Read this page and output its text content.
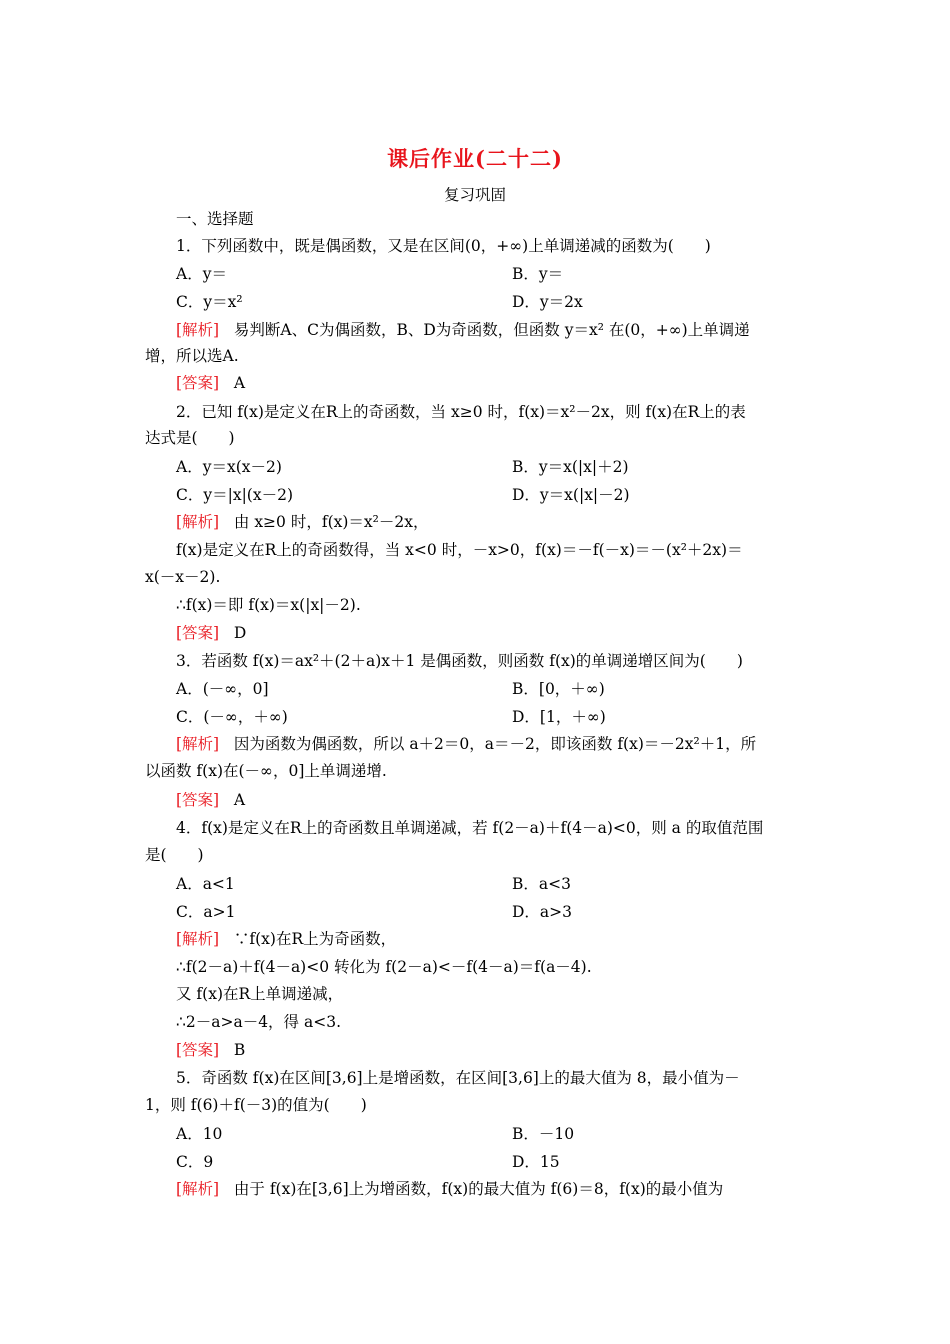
课后作业(二十二)
复习巩固
一、选择题
1．下列函数中，既是偶函数，又是在区间(0，+∞)上单调递减的函数为(　　)
A．y＝	B．y＝
C．y＝x²	D．y＝2x
[解析] 易判断A、C为偶函数，B、D为奇函数，但函数 y＝x² 在(0，+∞)上单调递
增，所以选A.
[答案] A
2．已知 f(x)是定义在R上的奇函数，当 x≥0 时，f(x)＝x²－2x，则 f(x)在R上的表
达式是(　　)
A．y＝x(x－2)	B．y＝x(|x|＋2)
C．y＝|x|(x－2)	D．y＝x(|x|－2)
[解析] 由 x≥0 时，f(x)＝x²－2x，
f(x)是定义在R上的奇函数得，当 x<0 时，－x>0，f(x)＝－f(－x)＝－(x²＋2x)＝
x(－x－2).
∴f(x)＝即 f(x)＝x(|x|－2).
[答案] D
3．若函数 f(x)＝ax²＋(2＋a)x＋1 是偶函数，则函数 f(x)的单调递增区间为(　　)
A．(－∞，0]	B．[0，＋∞)
C．(－∞，＋∞)	D．[1，＋∞)
[解析] 因为函数为偶函数，所以 a＋2＝0，a＝－2，即该函数 f(x)＝－2x²＋1，所
以函数 f(x)在(－∞，0]上单调递增.
[答案] A
4．f(x)是定义在R上的奇函数且单调递减，若 f(2－a)＋f(4－a)<0，则 a 的取值范围
是(　　)
A．a<1	B．a<3
C．a>1	D．a>3
[解析] ∵f(x)在R上为奇函数，
∴f(2－a)＋f(4－a)<0 转化为 f(2－a)<－f(4－a)＝f(a－4).
又 f(x)在R上单调递减，
∴2－a>a－4，得 a<3.
[答案] B
5．奇函数 f(x)在区间[3,6]上是增函数，在区间[3,6]上的最大值为 8，最小值为－
1，则 f(6)＋f(－3)的值为(　　)
A．10	B．－10
C．9	D．15
[解析] 由于 f(x)在[3,6]上为增函数，f(x)的最大值为 f(6)＝8，f(x)的最小值为
